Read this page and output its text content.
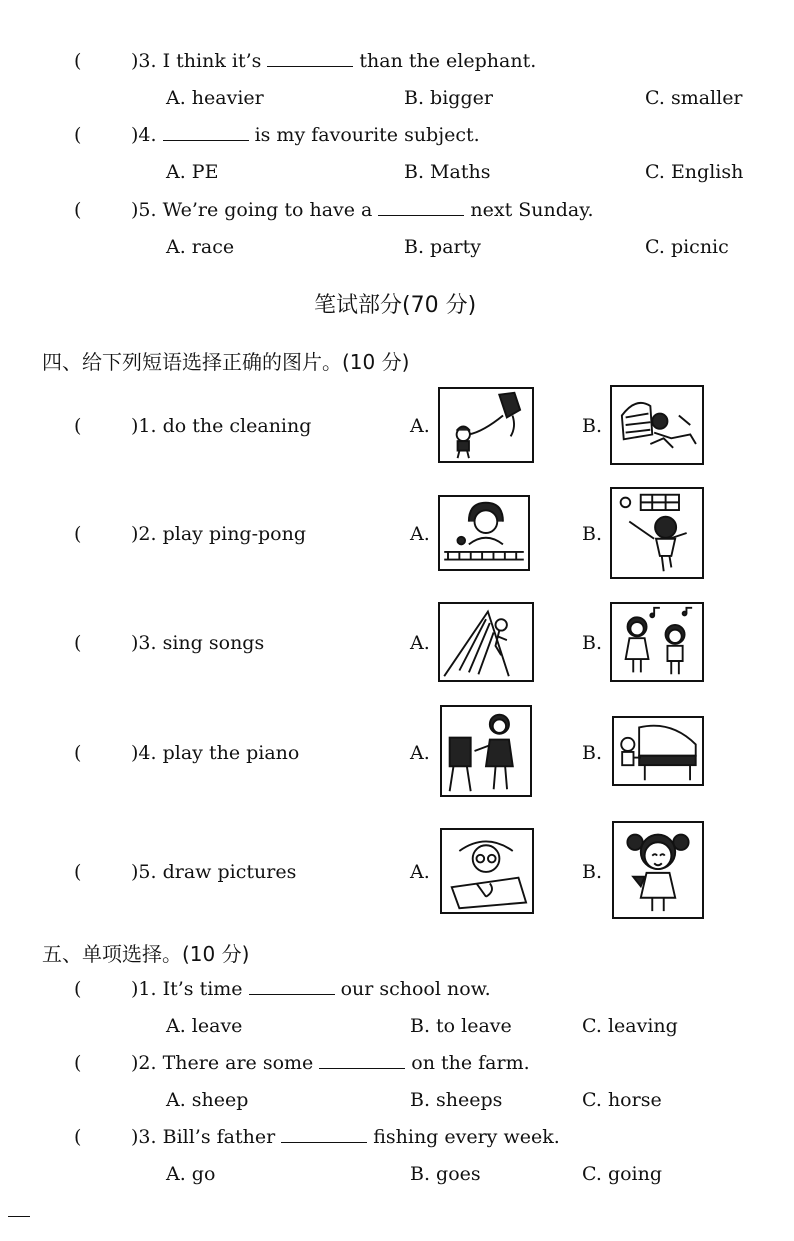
(	)3. I think it’s	than the elephant.
A. heavier	B. bigger	C. smaller
(	)4.	is my favourite subject.
A. PE	B. Maths	C. English
(	)5. We’re going to have a	next Sunday.
A. race	B. party	C. picnic
笔试部分(70 分)
四、给下列短语选择正确的图片。(10 分)
(	)1. do the cleaning	A.	B.
(	)2. play ping-pong	A.	B.
(	)3. sing songs	A.	B.
(	)4. play the piano	A.	B.
(	)5. draw pictures	A.	B.
五、单项选择。(10 分)
(	)1. It’s time	our school now.
A. leave	B. to leave	C. leaving
(	)2. There are some	on the farm.
A. sheep	B. sheeps	C. horse
(	)3. Bill’s father	fishing every week.
A. go	B. goes	C. going
